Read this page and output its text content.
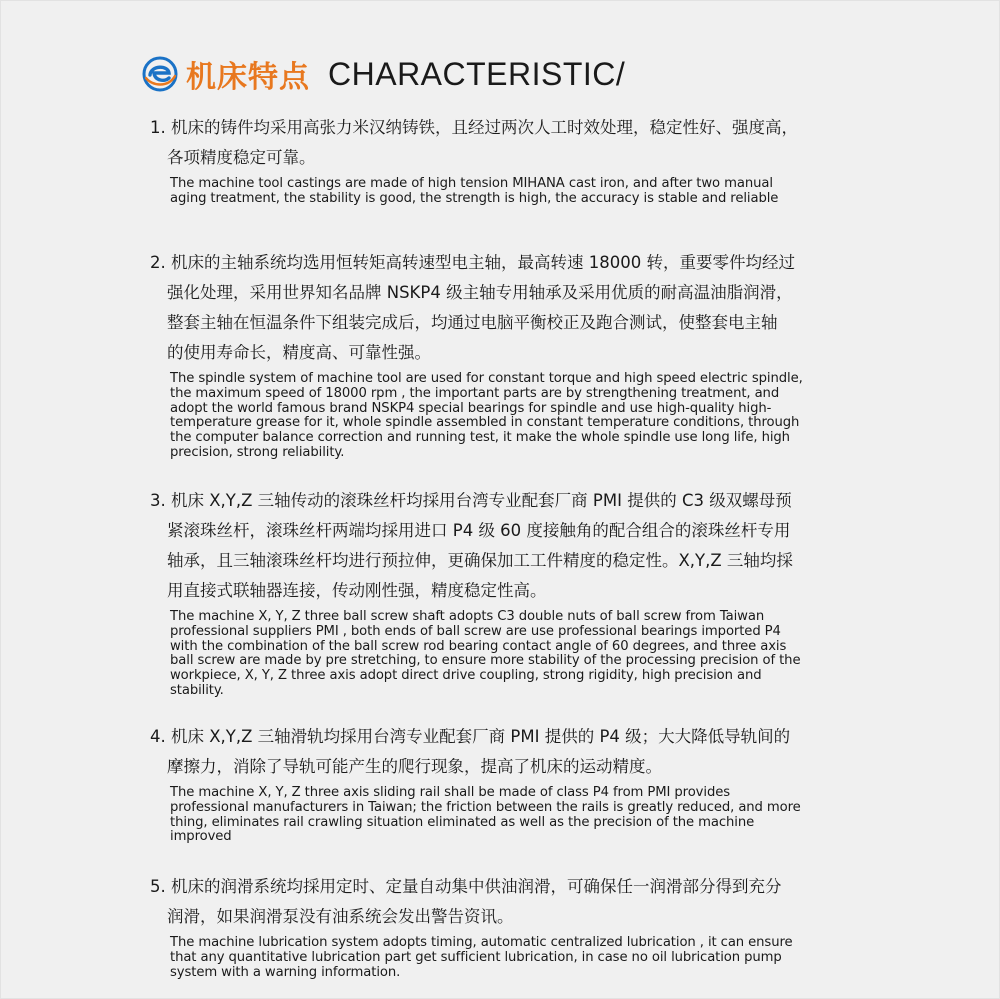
机床特点 CHARACTERISTIC/
1. 机床的铸件均采用高张力米汉纳铸铁，且经过两次人工时效处理，稳定性好、强度高，
各项精度稳定可靠。
The machine tool castings are made of high tension MIHANA cast iron, and after two manual aging treatment, the stability is good, the strength is high, the accuracy is stable and reliable
2. 机床的主轴系统均选用恒转矩高转速型电主轴，最高转速 18000 转，重要零件均经过
强化处理，采用世界知名品牌 NSKP4 级主轴专用轴承及采用优质的耐高温油脂润滑，
整套主轴在恒温条件下组装完成后，均通过电脑平衡校正及跑合测试，使整套电主轴
的使用寿命长，精度高、可靠性强。
The spindle system of machine tool are used for constant torque and high speed electric spindle, the maximum speed of 18000 rpm , the important parts are by strengthening treatment, and adopt the world famous brand NSKP4 special bearings for spindle and use high-quality high-temperature grease for it, whole spindle assembled in constant temperature conditions, through the computer balance correction and running test, it make the whole spindle use long life, high precision, strong reliability.
3. 机床 X,Y,Z 三轴传动的滚珠丝杆均採用台湾专业配套厂商 PMI 提供的 C3 级双螺母预
紧滚珠丝杆，滚珠丝杆两端均採用进口 P4 级 60 度接触角的配合组合的滚珠丝杆专用
轴承，且三轴滚珠丝杆均进行预拉伸，更确保加工工件精度的稳定性。X,Y,Z 三轴均採
用直接式联轴器连接，传动刚性强，精度稳定性高。
The machine X, Y, Z three ball screw shaft adopts C3 double nuts of ball screw from Taiwan professional suppliers PMI , both ends of ball screw are use professional bearings imported P4 with the combination of the ball screw rod bearing contact angle of 60 degrees, and three axis ball screw are made by pre stretching, to ensure more stability of the processing precision of the workpiece, X, Y, Z three axis adopt direct drive coupling, strong rigidity, high precision and stability.
4. 机床 X,Y,Z 三轴滑轨均採用台湾专业配套厂商 PMI 提供的 P4 级；大大降低导轨间的
摩擦力，消除了导轨可能产生的爬行现象，提高了机床的运动精度。
The machine X, Y, Z three axis sliding rail shall be made of class P4 from PMI provides professional manufacturers in Taiwan; the friction between the rails is greatly reduced, and more thing, eliminates rail crawling situation eliminated as well as the precision of the machine improved
5. 机床的润滑系统均採用定时、定量自动集中供油润滑，可确保任一润滑部分得到充分
润滑，如果润滑泵没有油系统会发出警告资讯。
The machine lubrication system adopts timing, automatic centralized lubrication , it can ensure that any quantitative lubrication part get sufficient lubrication, in case no oil lubrication pump system with a warning information.
